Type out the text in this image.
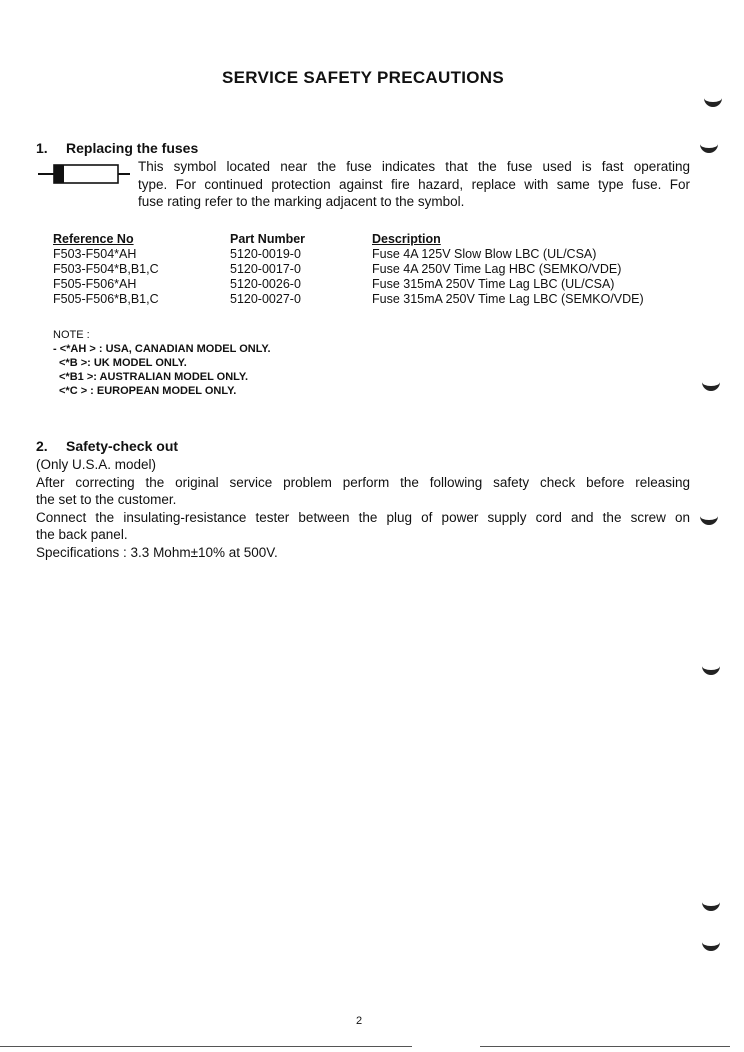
SERVICE SAFETY PRECAUTIONS
1. Replacing the fuses
This symbol located near the fuse indicates that the fuse used is fast operating
type. For continued protection against fire hazard, replace with same type fuse. For
fuse rating refer to the marking adjacent to the symbol.
Reference No	Part Number	Description
F503-F504*AH	5120-0019-0	Fuse 4A 125V Slow Blow LBC (UL/CSA)
F503-F504*B,B1,C	5120-0017-0	Fuse 4A 250V Time Lag HBC (SEMKO/VDE)
F505-F506*AH	5120-0026-0	Fuse 315mA 250V Time Lag LBC (UL/CSA)
F505-F506*B,B1,C	5120-0027-0	Fuse 315mA 250V Time Lag LBC (SEMKO/VDE)
NOTE :
- <*AH > : USA, CANADIAN MODEL ONLY.
<*B >: UK MODEL ONLY.
<*B1 >: AUSTRALIAN MODEL ONLY.
<*C > : EUROPEAN MODEL ONLY.
2. Safety-check out
(Only U.S.A. model)
After correcting the original service problem perform the following safety check before releasing
the set to the customer.
Connect the insulating-resistance tester between the plug of power supply cord and the screw on
the back panel.
Specifications : 3.3 Mohm±10% at 500V.
2
